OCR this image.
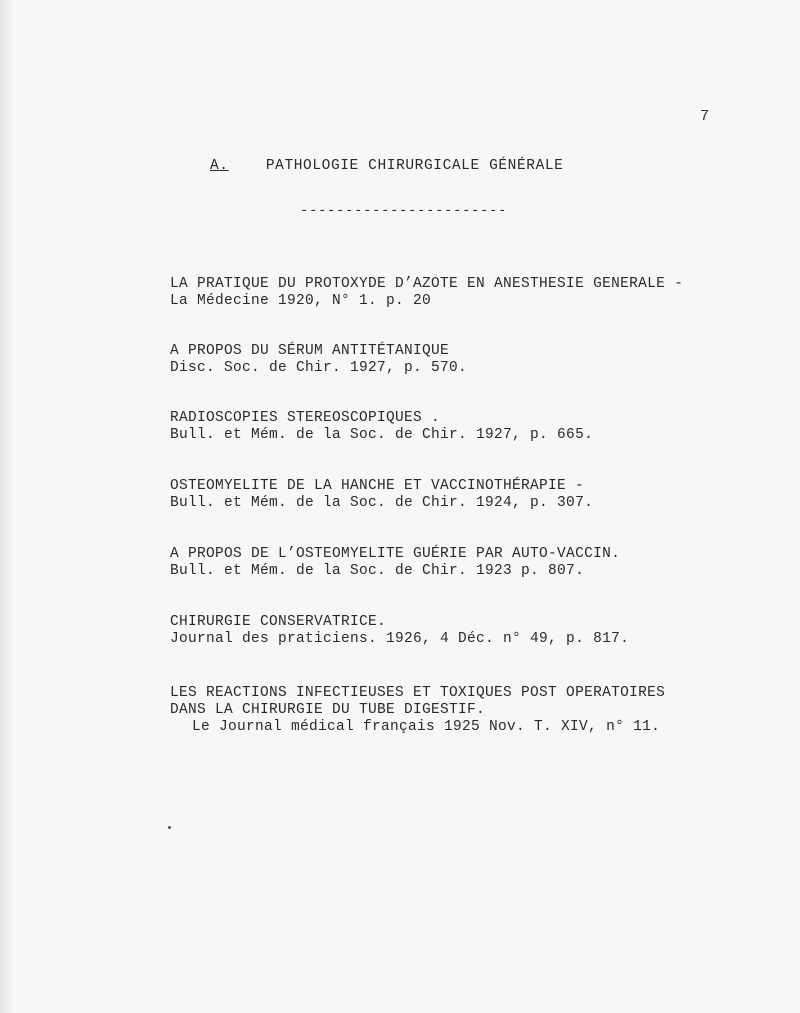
7
A.	PATHOLOGIE CHIRURGICALE GÉNÉRALE
-----------------------
LA PRATIQUE DU PROTOXYDE D’AZOTE EN ANESTHESIE GENERALE -
La Médecine 1920, N° 1. p. 20
A PROPOS DU SÉRUM ANTITÉTANIQUE
Disc. Soc. de Chir. 1927, p. 570.
RADIOSCOPIES STEREOSCOPIQUES .
Bull. et Mém. de la Soc. de Chir. 1927, p. 665.
OSTEOMYELITE DE LA HANCHE ET VACCINOTHÉRAPIE -
Bull. et Mém. de la Soc. de Chir. 1924, p. 307.
A PROPOS DE L’OSTEOMYELITE GUÉRIE PAR AUTO-VACCIN.
Bull. et Mém. de la Soc. de Chir. 1923 p. 807.
CHIRURGIE CONSERVATRICE.
Journal des praticiens. 1926, 4 Déc. n° 49, p. 817.
LES REACTIONS INFECTIEUSES ET TOXIQUES POST OPERATOIRES
DANS LA CHIRURGIE DU TUBE DIGESTIF.
Le Journal médical français 1925 Nov. T. XIV, n° 11.
